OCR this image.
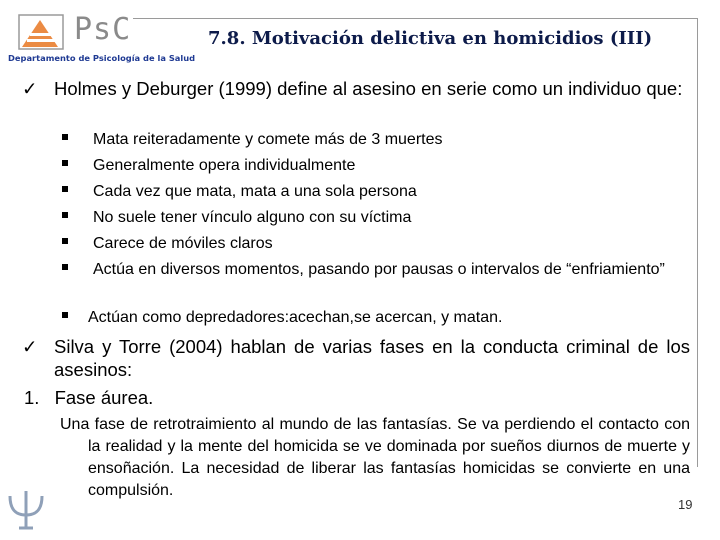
PsC
Departamento de Psicología de la Salud
7.8. Motivación delictiva en homicidios (III)
✓ Holmes y Deburger (1999) define al asesino en serie como un individuo que:
Mata reiteradamente y comete más de 3 muertes
Generalmente opera individualmente
Cada vez que mata, mata a una sola persona
No suele tener vínculo alguno con su víctima
Carece de móviles claros
Actúa en diversos momentos, pasando por pausas o intervalos de “enfriamiento”
Actúan como depredadores:acechan,se acercan, y matan.
✓ Silva y Torre (2004) hablan de varias fases en la conducta criminal de los asesinos:
1. Fase áurea.
Una fase de retrotraimiento al mundo de las fantasías. Se va perdiendo el contacto con la realidad y la mente del homicida se ve dominada por sueños diurnos de muerte y ensoñación. La necesidad de liberar las fantasías homicidas se convierte en una compulsión.
19
